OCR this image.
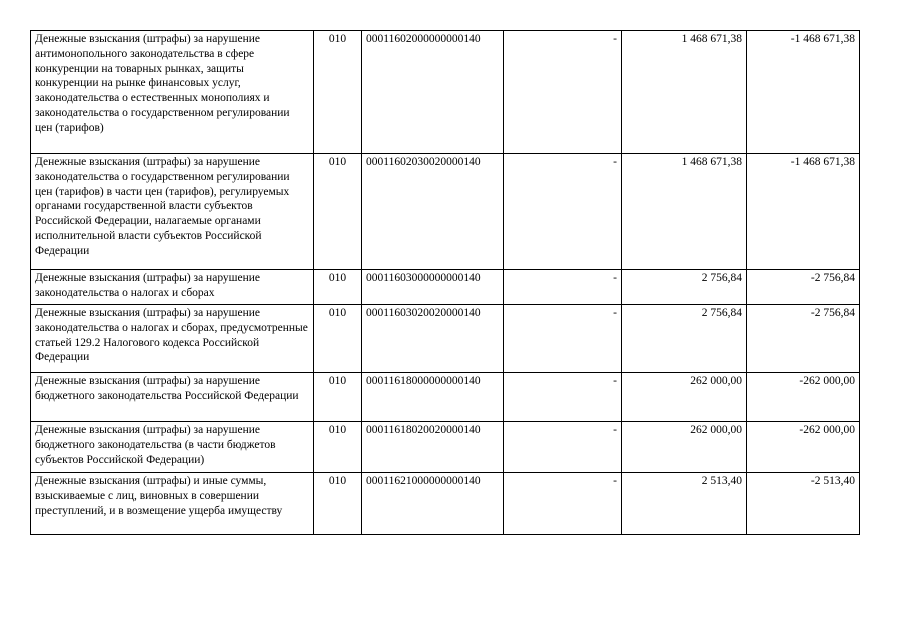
Денежные взыскания (штрафы) за нарушение антимонопольного законодательства в сфере конкуренции на товарных рынках, защиты конкуренции на рынке финансовых услуг, законодательства о естественных монополиях и законодательства о государственном регулировании цен (тарифов)	010	00011602000000000140	-	1 468 671,38	-1 468 671,38
Денежные взыскания (штрафы) за нарушение законодательства о государственном регулировании цен (тарифов) в части цен (тарифов), регулируемых органами государственной власти субъектов Российской Федерации, налагаемые органами исполнительной власти субъектов Российской Федерации	010	00011602030020000140	-	1 468 671,38	-1 468 671,38
Денежные взыскания (штрафы) за нарушение законодательства о налогах и сборах	010	00011603000000000140	-	2 756,84	-2 756,84
Денежные взыскания (штрафы) за нарушение законодательства о налогах и сборах, предусмотренные статьей 129.2 Налогового кодекса Российской Федерации	010	00011603020020000140	-	2 756,84	-2 756,84
Денежные взыскания (штрафы) за нарушение бюджетного законодательства Российской Федерации	010	00011618000000000140	-	262 000,00	-262 000,00
Денежные взыскания (штрафы) за нарушение бюджетного законодательства (в части бюджетов субъектов Российской Федерации)	010	00011618020020000140	-	262 000,00	-262 000,00
Денежные взыскания (штрафы) и иные суммы, взыскиваемые с лиц, виновных в совершении преступлений, и в возмещение ущерба имуществу	010	00011621000000000140	-	2 513,40	-2 513,40
